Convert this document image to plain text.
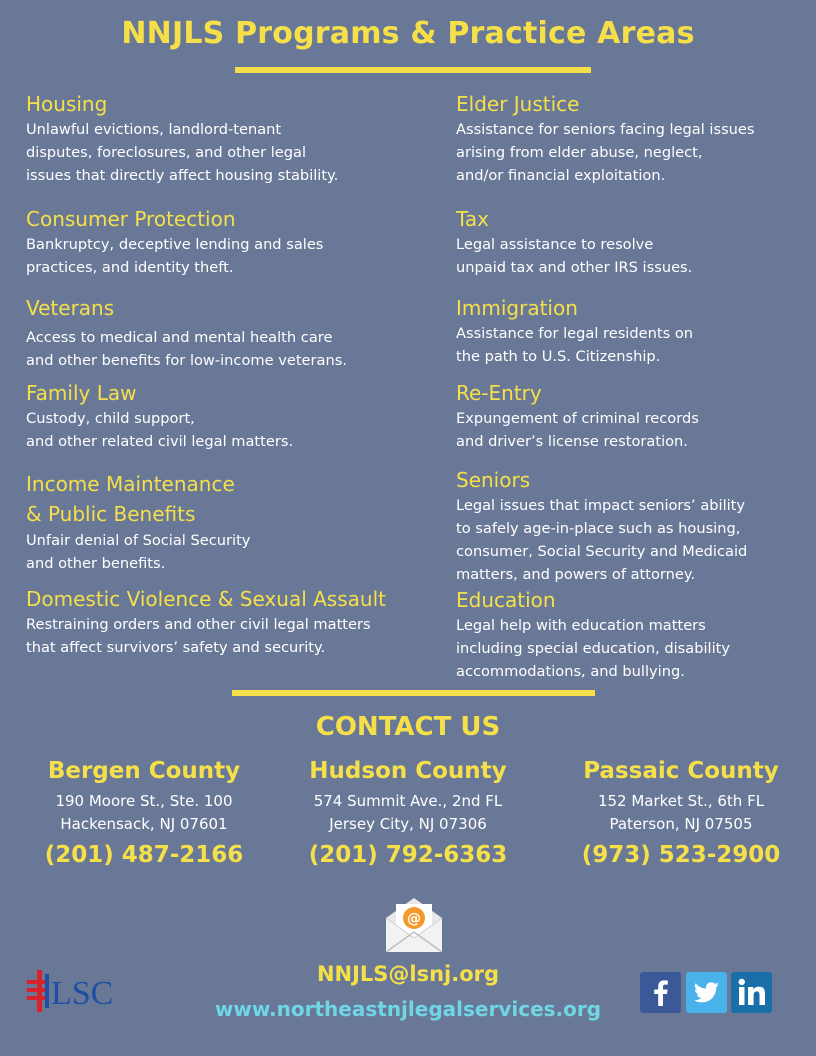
NNJLS Programs & Practice Areas
Housing
Unlawful evictions, landlord-tenant
disputes, foreclosures, and other legal
issues that directly affect housing stability.
Consumer Protection
Bankruptcy, deceptive lending and sales
practices, and identity theft.
Veterans
Access to medical and mental health care
and other benefits for low-income veterans.
Family Law
Custody, child support,
and other related civil legal matters.
Income Maintenance
& Public Benefits
Unfair denial of Social Security
and other benefits.
Domestic Violence & Sexual Assault
Restraining orders and other civil legal matters
that affect survivors’ safety and security.
Elder Justice
Assistance for seniors facing legal issues
arising from elder abuse, neglect,
and/or financial exploitation.
Tax
Legal assistance to resolve
unpaid tax and other IRS issues.
Immigration
Assistance for legal residents on
the path to U.S. Citizenship.
Re-Entry
Expungement of criminal records
and driver’s license restoration.
Seniors
Legal issues that impact seniors’ ability
to safely age-in-place such as housing,
consumer, Social Security and Medicaid
matters, and powers of attorney.
Education
Legal help with education matters
including special education, disability
accommodations, and bullying.
CONTACT US
Bergen County
190 Moore St., Ste. 100
Hackensack, NJ 07601
(201) 487-2166
Hudson County
574 Summit Ave., 2nd FL
Jersey City, NJ 07306
(201) 792-6363
Passaic County
152 Market St., 6th FL
Paterson, NJ 07505
(973) 523-2900
@
NNJLS@lsnj.org
www.northeastnjlegalservices.org
LSC
